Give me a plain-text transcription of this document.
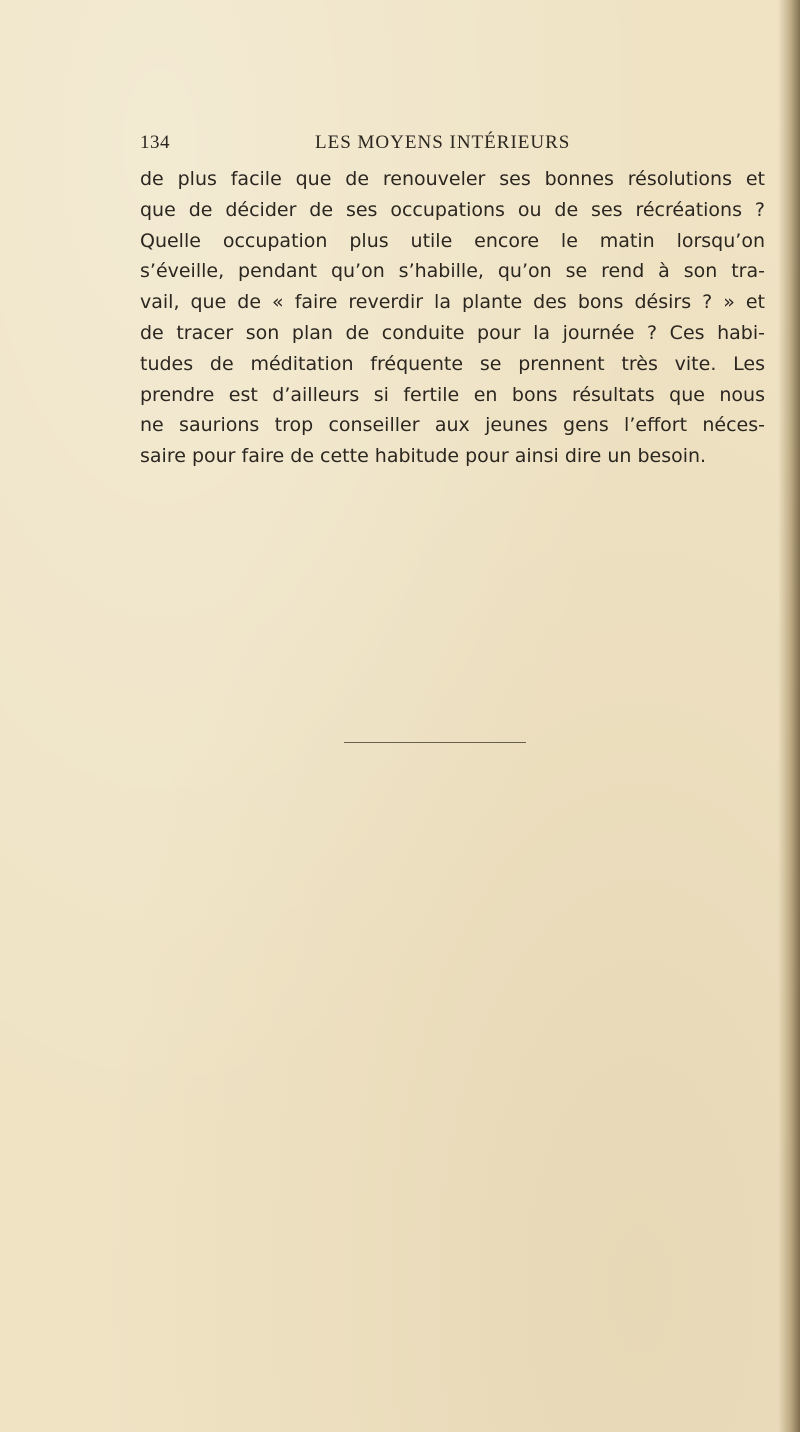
134	LES MOYENS INTÉRIEURS
de plus facile que de renouveler ses bonnes résolutions et
que de décider de ses occupations ou de ses récréations ?
Quelle occupation plus utile encore le matin lorsqu’on
s’éveille, pendant qu’on s’habille, qu’on se rend à son tra-
vail, que de « faire reverdir la plante des bons désirs ? » et
de tracer son plan de conduite pour la journée ? Ces habi-
tudes de méditation fréquente se prennent très vite. Les
prendre est d’ailleurs si fertile en bons résultats que nous
ne saurions trop conseiller aux jeunes gens l’effort néces-
saire pour faire de cette habitude pour ainsi dire un besoin.
